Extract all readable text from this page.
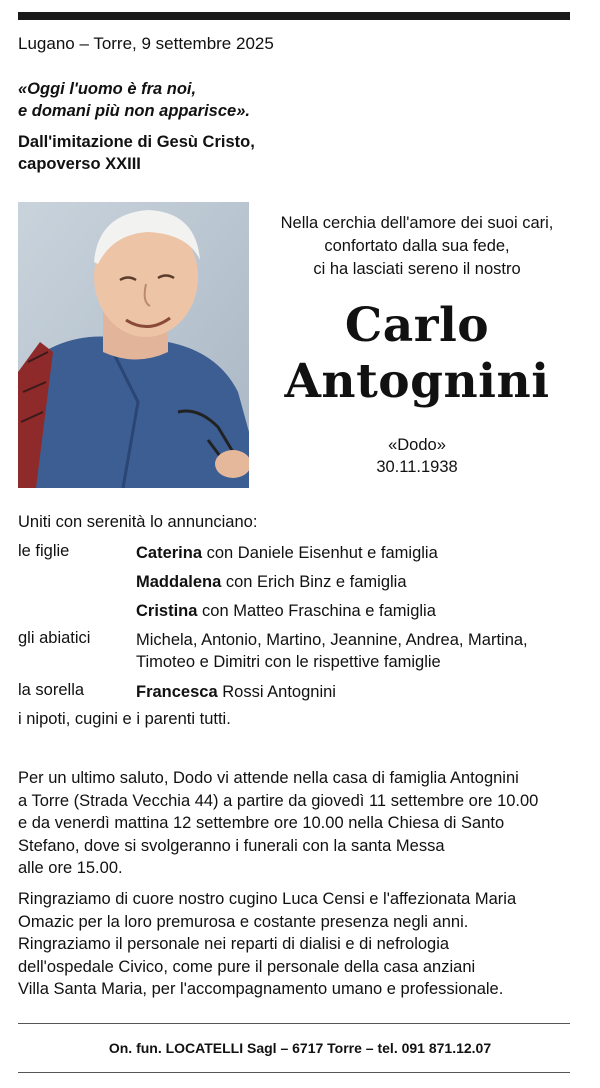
Lugano – Torre, 9 settembre 2025
«Oggi l'uomo è fra noi,
e domani più non apparisce».
Dall'imitazione di Gesù Cristo,
capoverso XXIII
Nella cerchia dell'amore dei suoi cari,
confortato dalla sua fede,
ci ha lasciati sereno il nostro
Carlo
Antognini
«Dodo»
30.11.1938
Uniti con serenità lo annunciano:
le figlie	Caterina con Daniele Eisenhut e famiglia
Maddalena con Erich Binz e famiglia
Cristina con Matteo Fraschina e famiglia
gli abiatici	Michela, Antonio, Martino, Jeannine, Andrea, Martina,
Timoteo e Dimitri con le rispettive famiglie
la sorella	Francesca Rossi Antognini
i nipoti, cugini e i parenti tutti.
Per un ultimo saluto, Dodo vi attende nella casa di famiglia Antognini
a Torre (Strada Vecchia 44) a partire da giovedì 11 settembre ore 10.00
e da venerdì mattina 12 settembre ore 10.00 nella Chiesa di Santo
Stefano, dove si svolgeranno i funerali con la santa Messa
alle ore 15.00.
Ringraziamo di cuore nostro cugino Luca Censi e l'affezionata Maria
Omazic per la loro premurosa e costante presenza negli anni.
Ringraziamo il personale nei reparti di dialisi e di nefrologia
dell'ospedale Civico, come pure il personale della casa anziani
Villa Santa Maria, per l'accompagnamento umano e professionale.
On. fun. LOCATELLI Sagl – 6717 Torre – tel. 091 871.12.07
